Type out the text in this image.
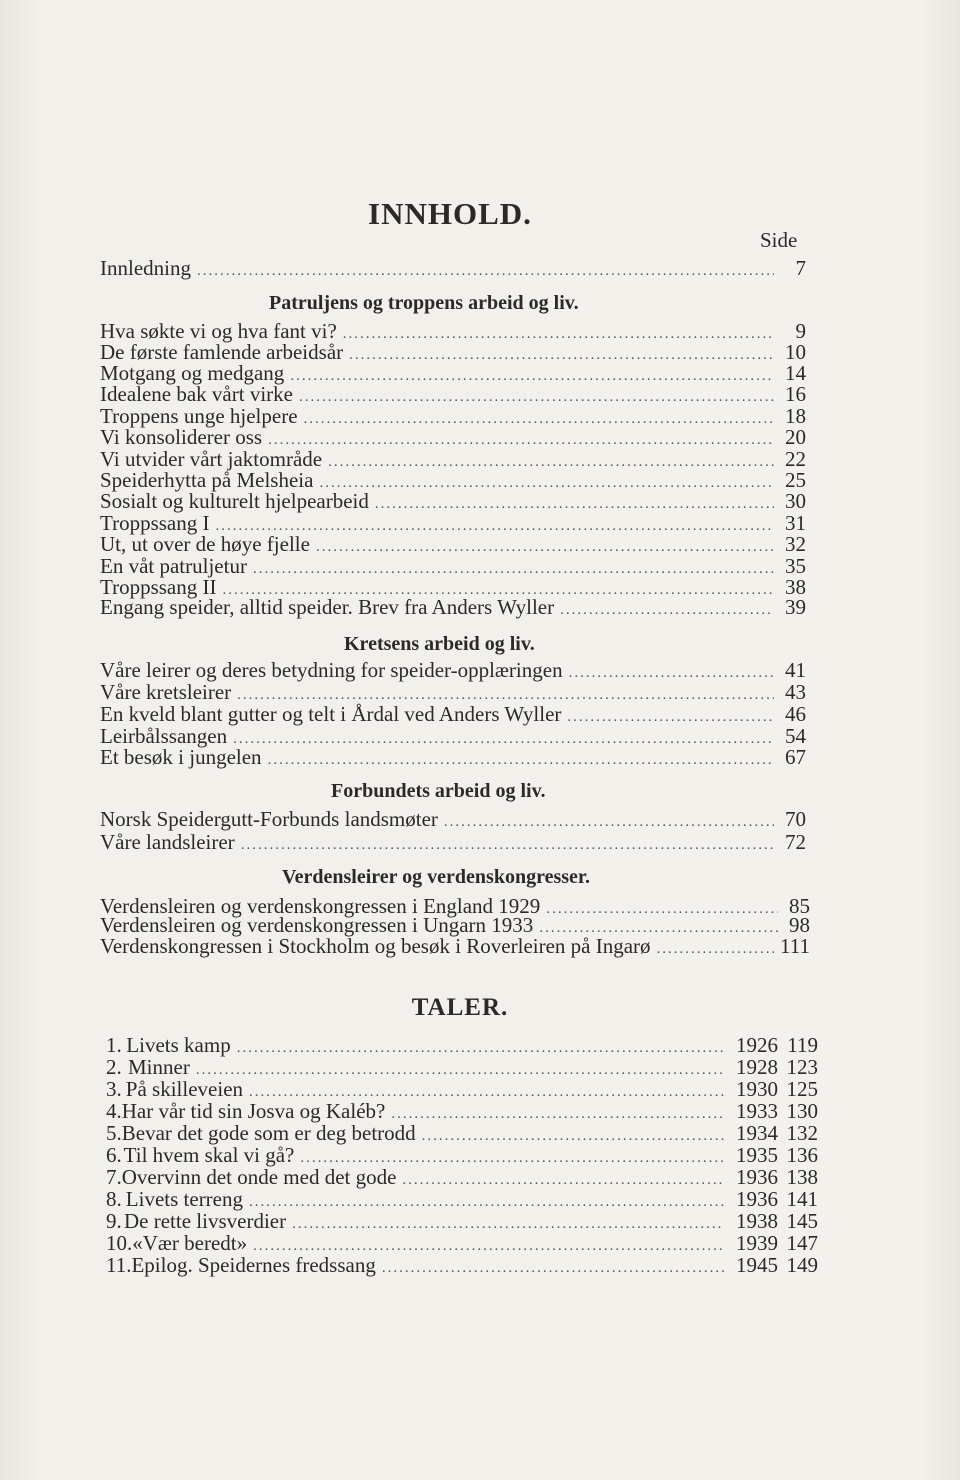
INNHOLD.
Side
Innledning .....	7
Patruljens og troppens arbeid og liv.
Hva søkte vi og hva fant vi? .....	9
De første famlende arbeidsår .....	10
Motgang og medgang .....	14
Idealene bak vårt virke .....	16
Troppens unge hjelpere .....	18
Vi konsoliderer oss .....	20
Vi utvider vårt jaktområde .....	22
Speiderhytta på Melsheia .....	25
Sosialt og kulturelt hjelpearbeid .....	30
Troppssang I .....	31
Ut, ut over de høye fjelle .....	32
En våt patruljetur .....	35
Troppssang II .....	38
Engang speider, alltid speider. Brev fra Anders Wyller .....	39
Kretsens arbeid og liv.
Våre leirer og deres betydning for speider-opplæringen .....	41
Våre kretsleirer .....	43
En kveld blant gutter og telt i Årdal ved Anders Wyller .....	46
Leirbålssangen .....	54
Et besøk i jungelen .....	67
Forbundets arbeid og liv.
Norsk Speidergutt-Forbunds landsmøter .....	70
Våre landsleirer .....	72
Verdensleirer og verdenskongresser.
Verdensleiren og verdenskongressen i England 1929 .....	85
Verdensleiren og verdenskongressen i Ungarn 1933 .....	98
Verdenskongressen i Stockholm og besøk i Roverleiren på Ingarø .....	111
TALER.
1. Livets kamp .....	1926 119
2. Minner .....	1928 123
3. På skilleveien .....	1930 125
4. Har vår tid sin Josva og Kaléb? .....	1933 130
5. Bevar det gode som er deg betrodd .....	1934 132
6. Til hvem skal vi gå? .....	1935 136
7. Overvinn det onde med det gode .....	1936 138
8. Livets terreng .....	1936 141
9. De rette livsverdier .....	1938 145
10. «Vær beredt» .....	1939 147
11. Epilog. Speidernes fredssang .....	1945 149
